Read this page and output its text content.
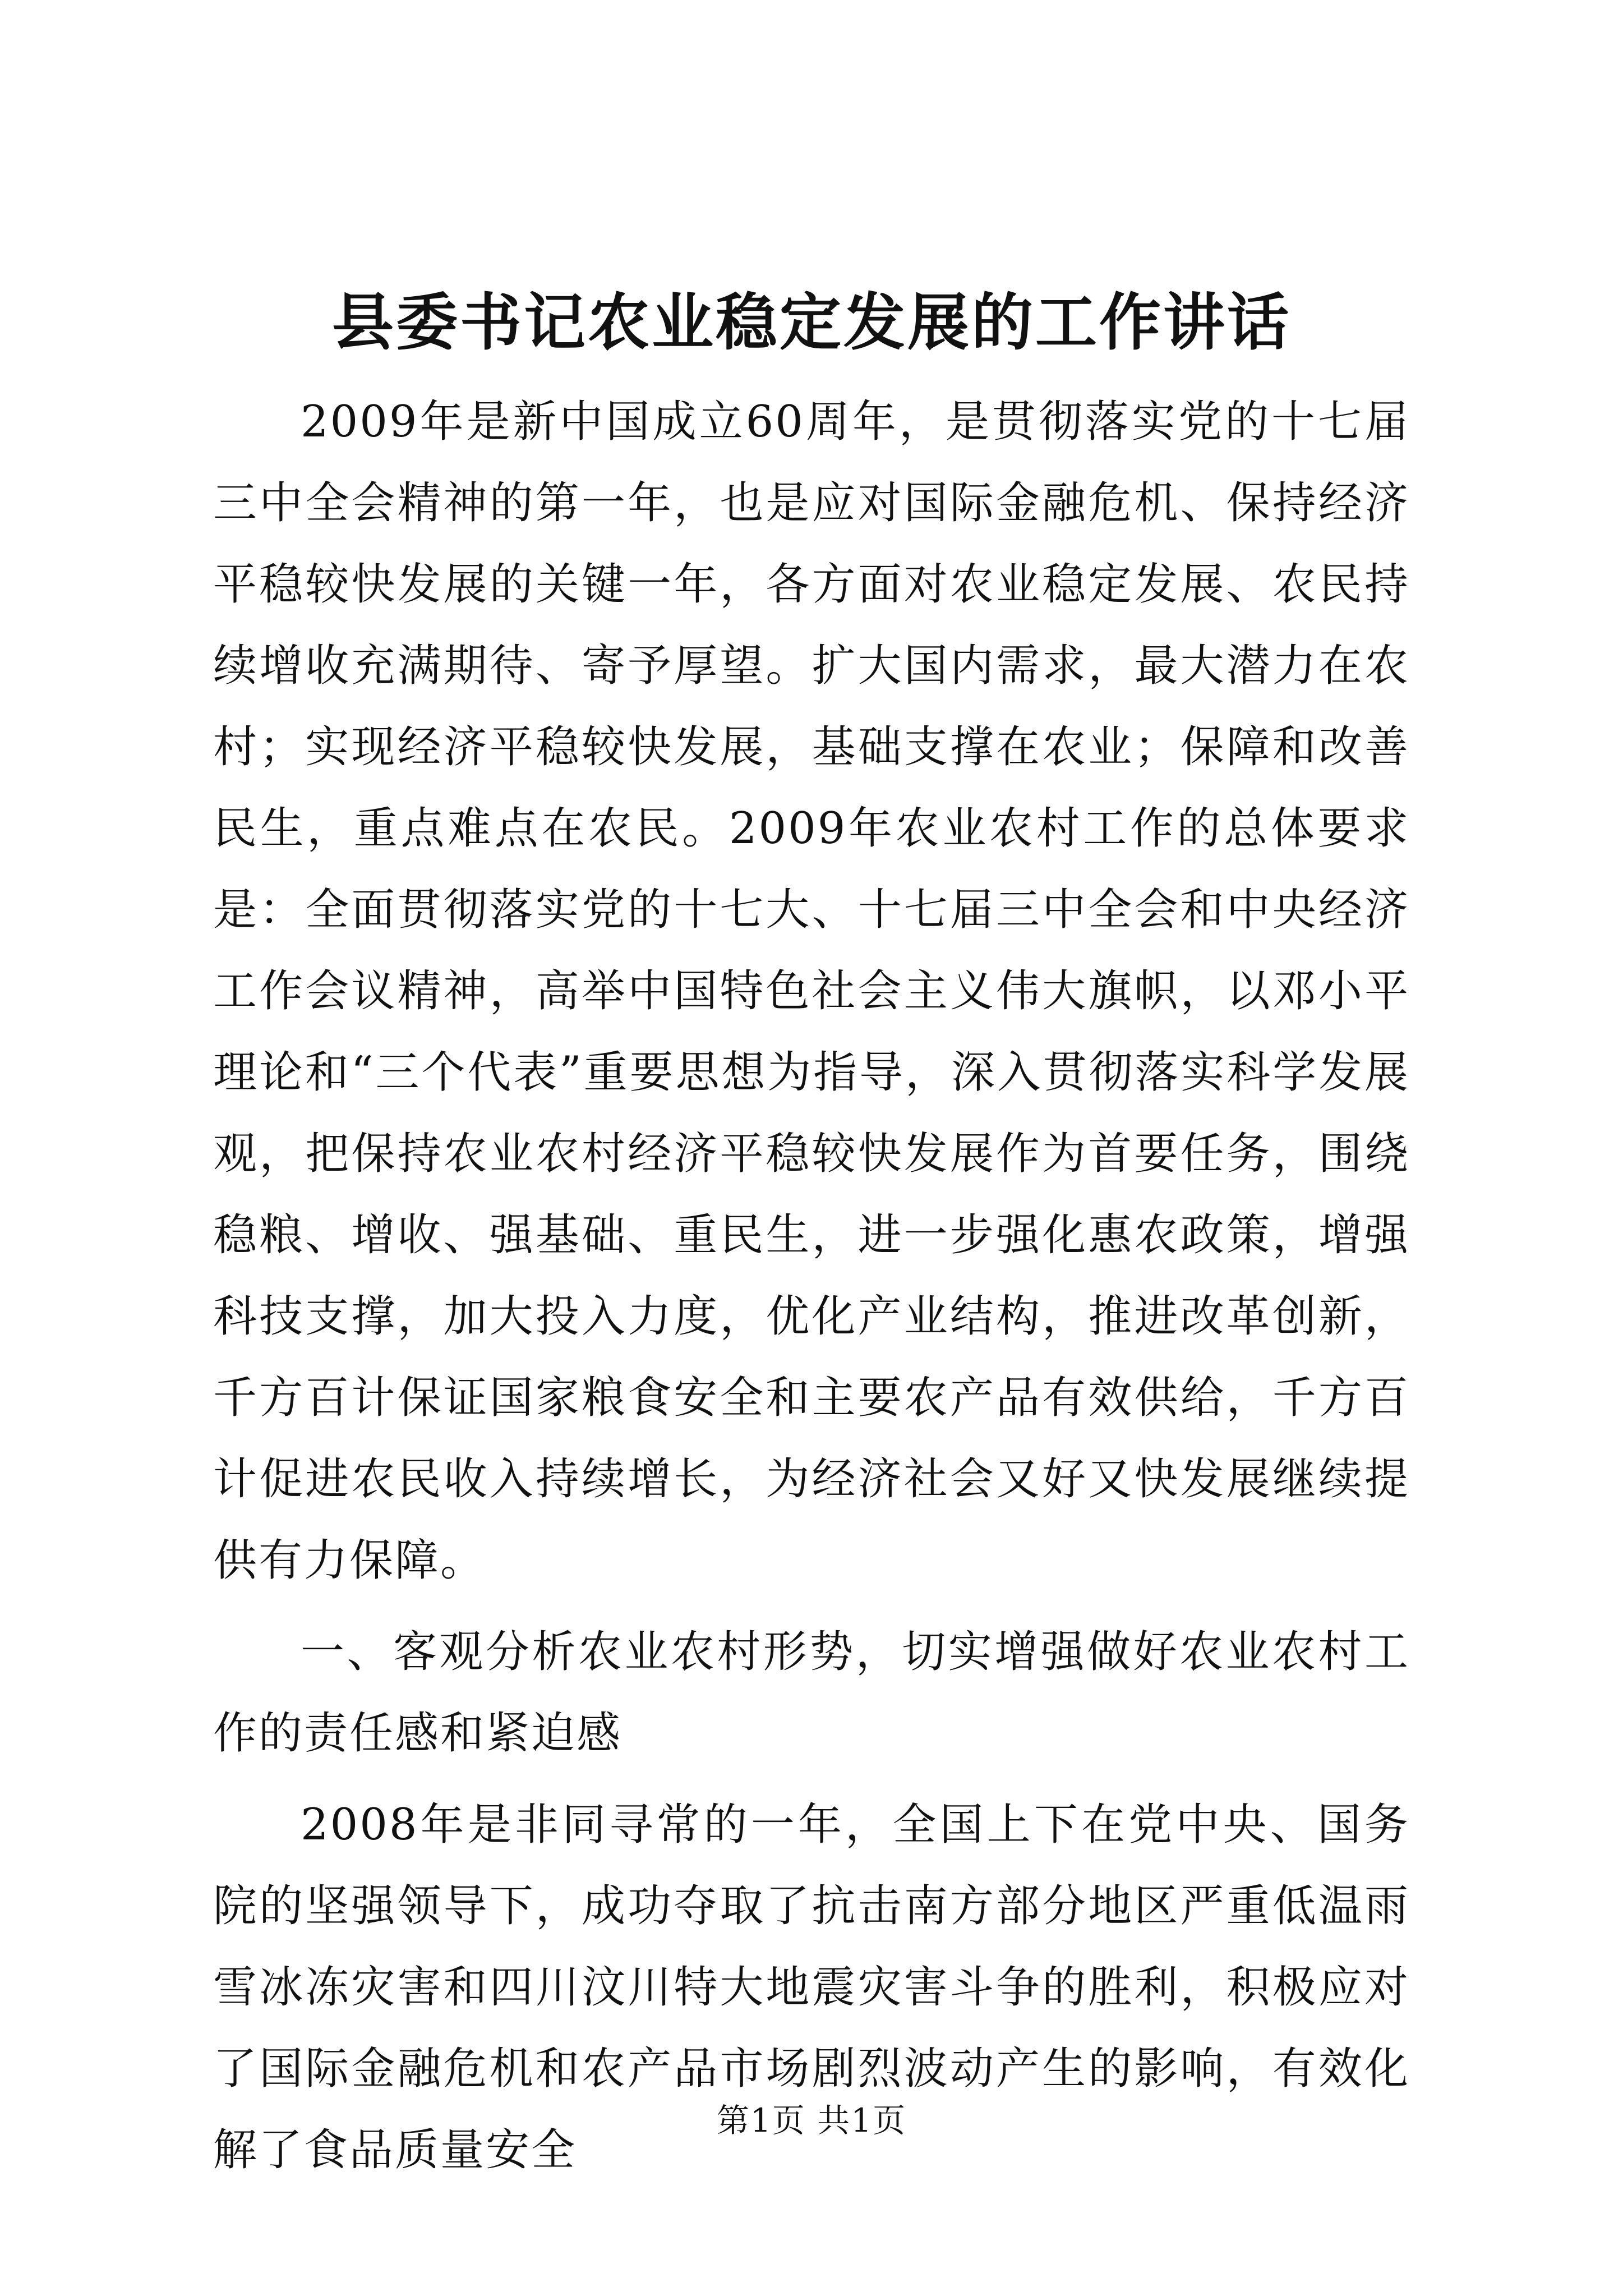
县委书记农业稳定发展的工作讲话

2009年是新中国成立60周年，是贯彻落实党的十七届三中全会精神的第一年，也是应对国际金融危机、保持经济平稳较快发展的关键一年，各方面对农业稳定发展、农民持续增收充满期待、寄予厚望。扩大国内需求，最大潜力在农村；实现经济平稳较快发展，基础支撑在农业；保障和改善民生，重点难点在农民。2009年农业农村工作的总体要求是：全面贯彻落实党的十七大、十七届三中全会和中央经济工作会议精神，高举中国特色社会主义伟大旗帜，以邓小平理论和“三个代表”重要思想为指导，深入贯彻落实科学发展观，把保持农业农村经济平稳较快发展作为首要任务，围绕稳粮、增收、强基础、重民生，进一步强化惠农政策，增强科技支撑，加大投入力度，优化产业结构，推进改革创新，千方百计保证国家粮食安全和主要农产品有效供给，千方百计促进农民收入持续增长，为经济社会又好又快发展继续提供有力保障。

一、客观分析农业农村形势，切实增强做好农业农村工作的责任感和紧迫感

2008年是非同寻常的一年，全国上下在党中央、国务院的坚强领导下，成功夺取了抗击南方部分地区严重低温雨雪冰冻灾害和四川汶川特大地震灾害斗争的胜利，积极应对了国际金融危机和农产品市场剧烈波动产生的影响，有效化解了食品质量安全

第1页 共1页
